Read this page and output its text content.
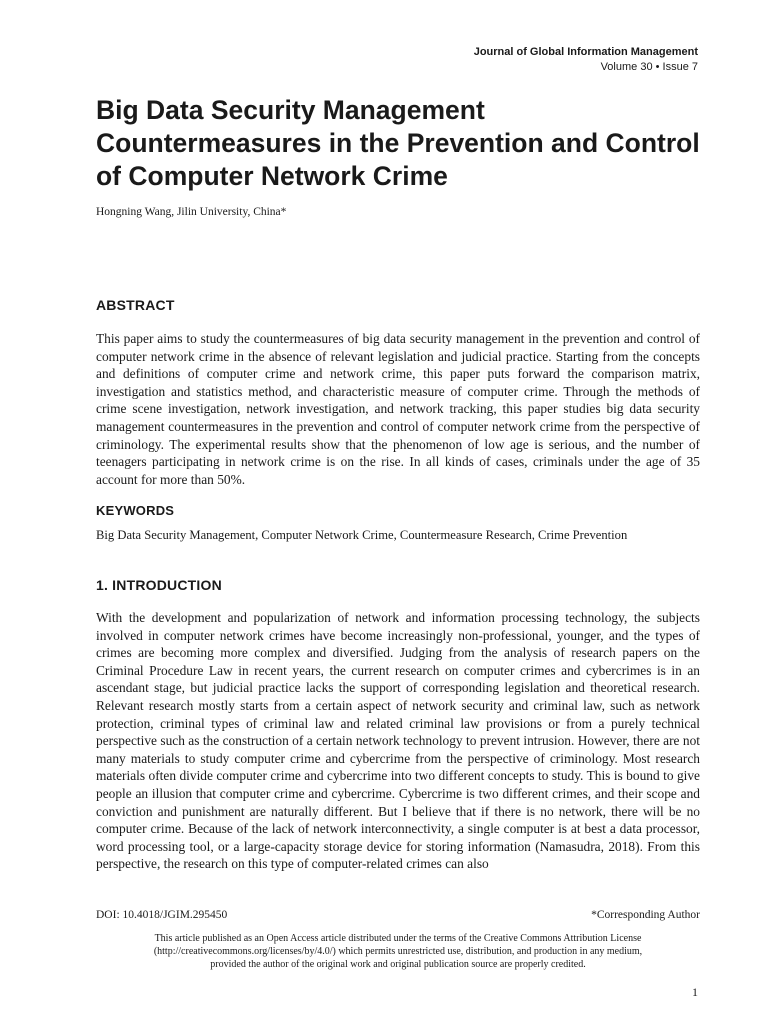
Journal of Global Information Management
Volume 30 • Issue 7
Big Data Security Management Countermeasures in the Prevention and Control of Computer Network Crime

Hongning Wang, Jilin University, China*

ABSTRACT

This paper aims to study the countermeasures of big data security management in the prevention and control of computer network crime in the absence of relevant legislation and judicial practice. Starting from the concepts and definitions of computer crime and network crime, this paper puts forward the comparison matrix, investigation and statistics method, and characteristic measure of computer crime. Through the methods of crime scene investigation, network investigation, and network tracking, this paper studies big data security management countermeasures in the prevention and control of computer network crime from the perspective of criminology. The experimental results show that the phenomenon of low age is serious, and the number of teenagers participating in network crime is on the rise. In all kinds of cases, criminals under the age of 35 account for more than 50%.

KEYWORDS

Big Data Security Management, Computer Network Crime, Countermeasure Research, Crime Prevention

1. INTRODUCTION

With the development and popularization of network and information processing technology, the subjects involved in computer network crimes have become increasingly non-professional, younger, and the types of crimes are becoming more complex and diversified. Judging from the analysis of research papers on the Criminal Procedure Law in recent years, the current research on computer crimes and cybercrimes is in an ascendant stage, but judicial practice lacks the support of corresponding legislation and theoretical research. Relevant research mostly starts from a certain aspect of network security and criminal law, such as network protection, criminal types of criminal law and related criminal law provisions or from a purely technical perspective such as the construction of a certain network technology to prevent intrusion. However, there are not many materials to study computer crime and cybercrime from the perspective of criminology. Most research materials often divide computer crime and cybercrime into two different concepts to study. This is bound to give people an illusion that computer crime and cybercrime. Cybercrime is two different crimes, and their scope and conviction and punishment are naturally different. But I believe that if there is no network, there will be no computer crime. Because of the lack of network interconnectivity, a single computer is at best a data processor, word processing tool, or a large-capacity storage device for storing information (Namasudra, 2018). From this perspective, the research on this type of computer-related crimes can also

DOI: 10.4018/JGIM.295450	*Corresponding Author

This article published as an Open Access article distributed under the terms of the Creative Commons Attribution License
(http://creativecommons.org/licenses/by/4.0/) which permits unrestricted use, distribution, and production in any medium,
provided the author of the original work and original publication source are properly credited.

1
